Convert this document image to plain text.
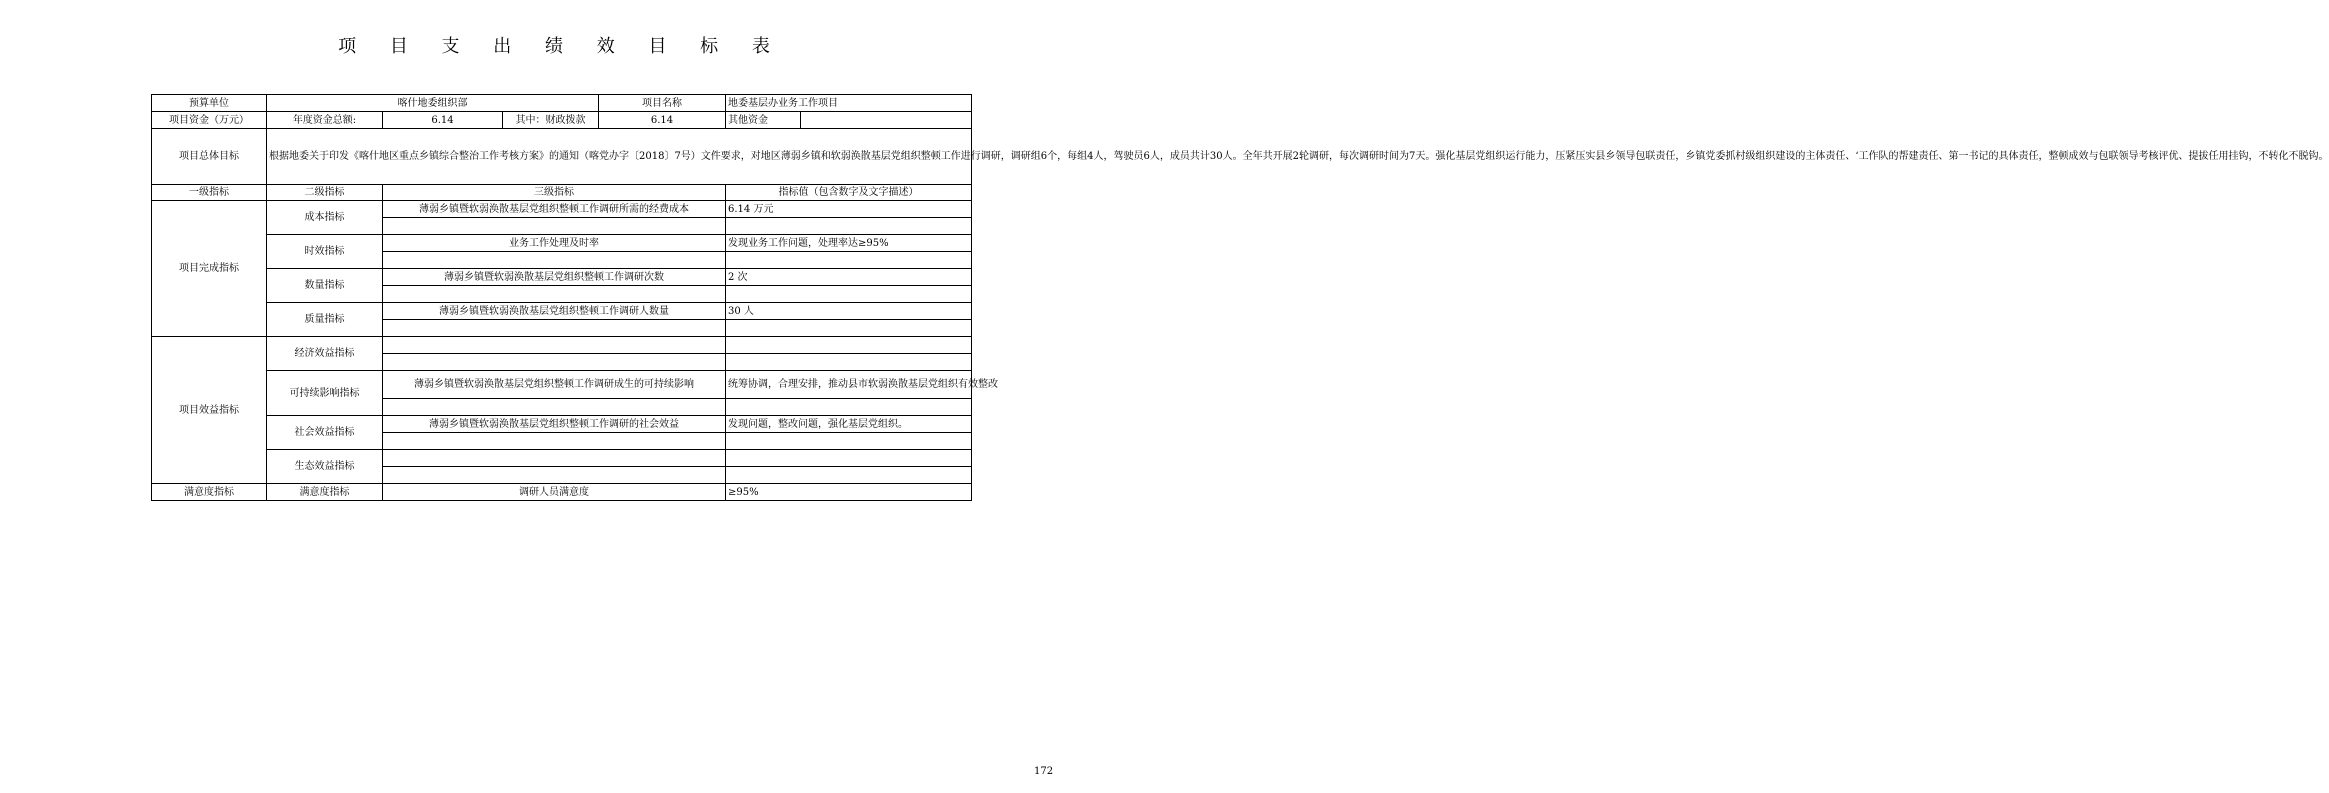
项 目 支 出 绩 效 目 标 表
预算单位	喀什地委组织部			项目名称	地委基层办业务工作项目	
项目资金（万元）	年度资金总额:	6.14	其中：财政拨款	6.14	其他资金	
项目总体目标	根据地委关于印发《喀什地区重点乡镇综合整治工作考核方案》的通知（喀党办字〔2018〕7号）文件要求，对地区薄弱乡镇和软弱涣散基层党组织整顿工作进行调研，调研组6个，每组4人，驾驶员6人，成员共计30人。全年共开展2轮调研，每次调研时间为7天。强化基层党组织运行能力，压紧压实县乡领导包联责任，乡镇党委抓村级组织建设的主体责任、‘工作队的帮建责任、第一书记的具体责任，整顿成效与包联领导考核评优、提拔任用挂钩，不转化不脱钩。					
一级指标	二级指标	三级指标			指标值（包含数字及文字描述）	
项目完成指标	成本指标	薄弱乡镇暨软弱涣散基层党组织整顿工作调研所需的经费成本			6.14 万元	

	时效指标	业务工作处理及时率			发现业务工作问题，处理率达≥95%	

	数量指标	薄弱乡镇暨软弱涣散基层党组织整顿工作调研次数			2 次	

	质量指标	薄弱乡镇暨软弱涣散基层党组织整顿工作调研人数量			30 人	

项目效益指标	经济效益指标					

	可持续影响指标	薄弱乡镇暨软弱涣散基层党组织整顿工作调研成生的可持续影响			统筹协调，合理安排，推动县市软弱涣散基层党组织有效整改	

	社会效益指标	薄弱乡镇暨软弱涣散基层党组织整顿工作调研的社会效益			发现问题，整改问题，强化基层党组织。	

	生态效益指标					

满意度指标	满意度指标	调研人员满意度			≥95%	
172
